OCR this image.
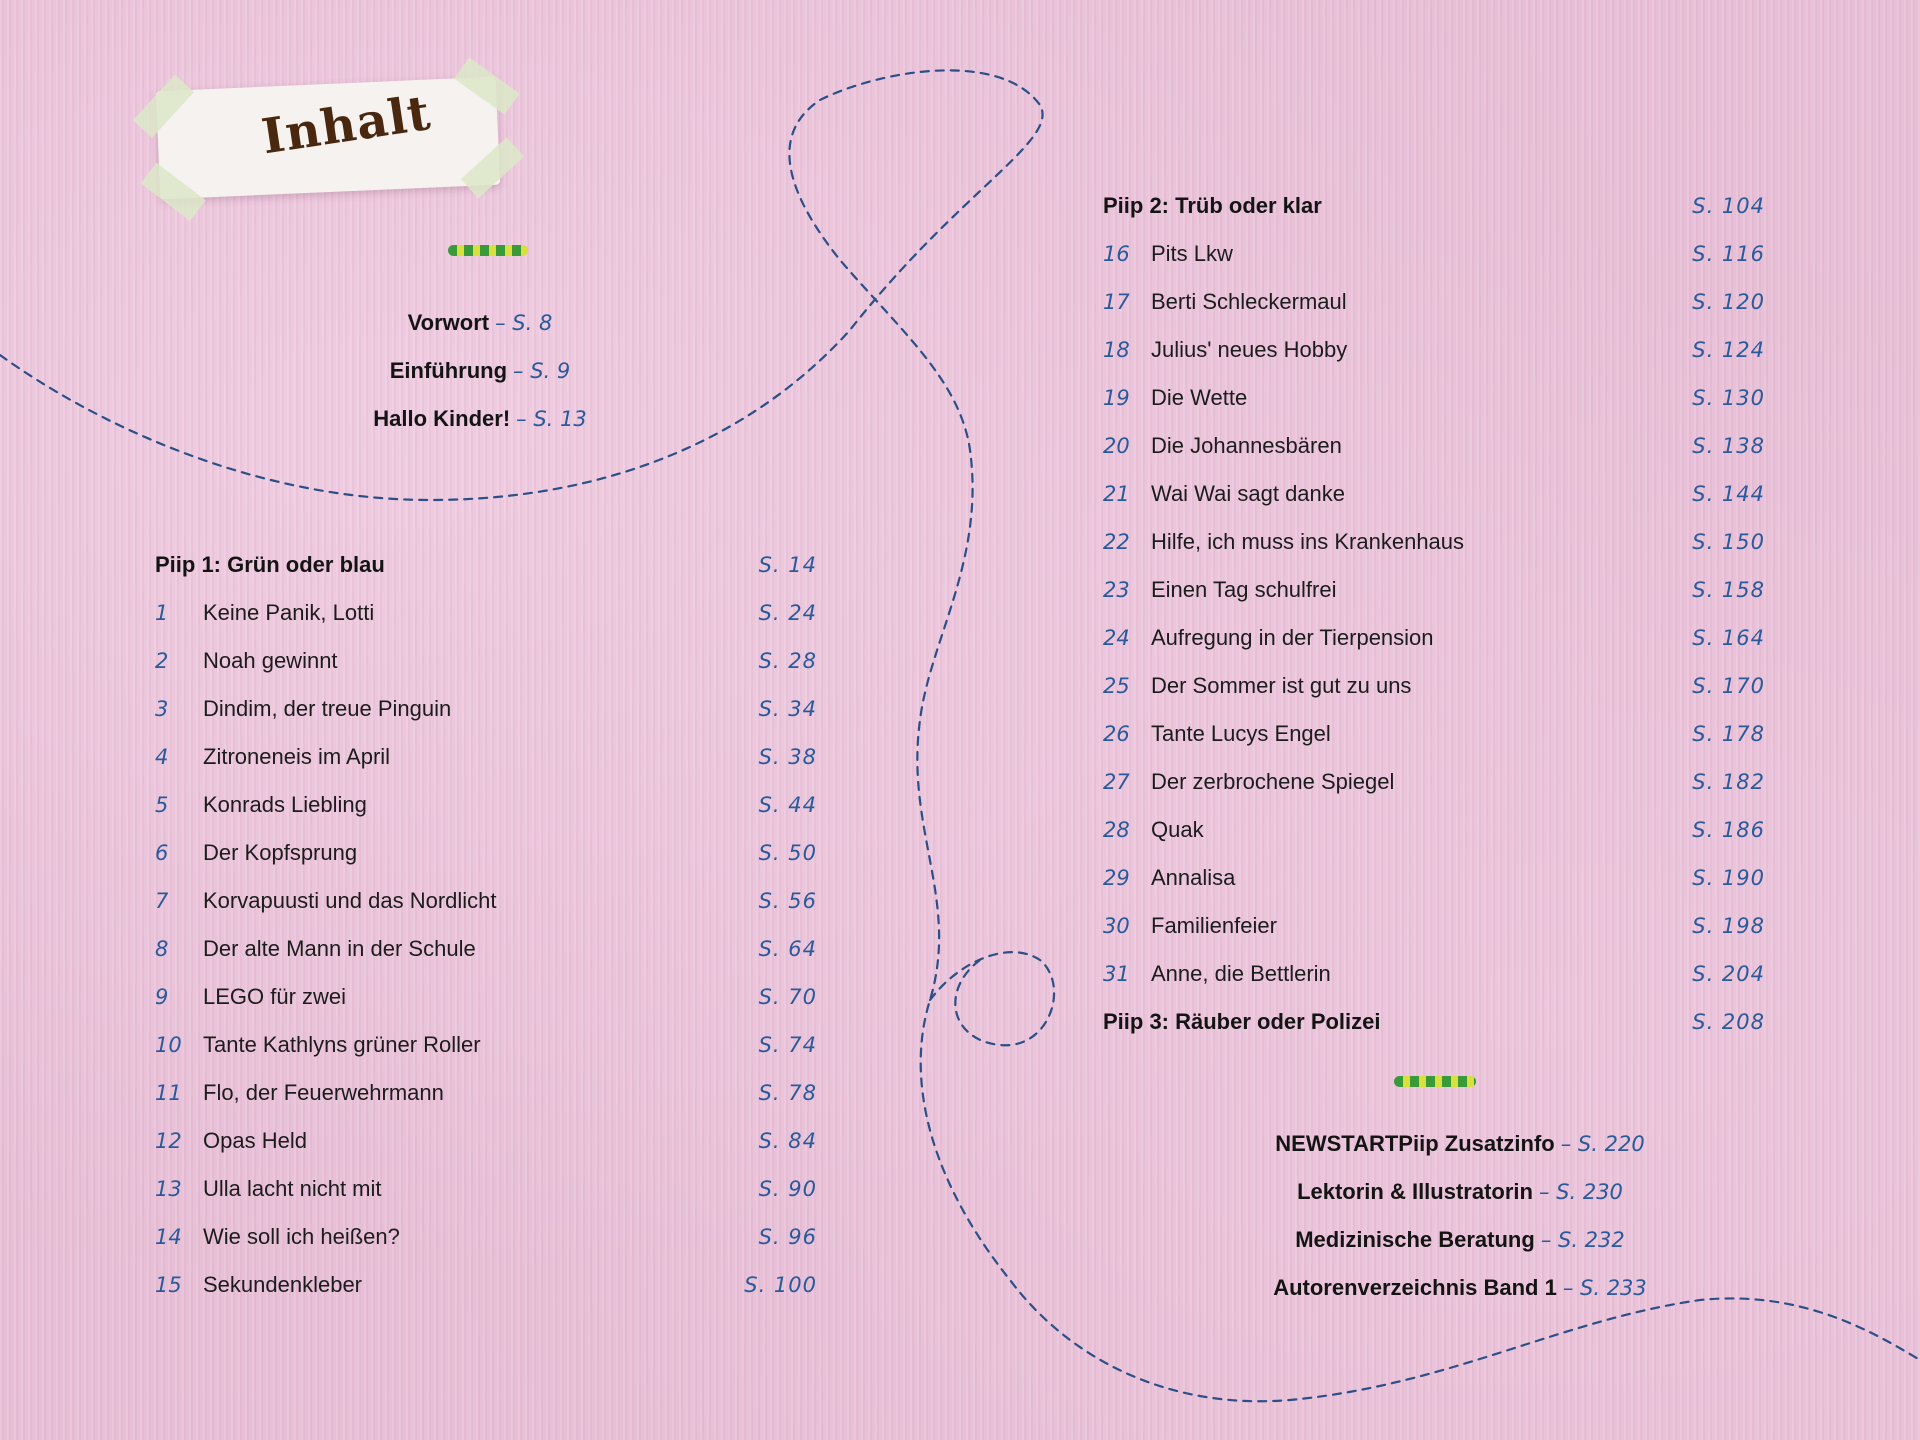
Inhalt
Vorwort – S. 8
Einführung – S. 9
Hallo Kinder! – S. 13
Piip 1: Grün oder blau	S. 14
1 Keine Panik, Lotti	S. 24
2 Noah gewinnt	S. 28
3 Dindim, der treue Pinguin	S. 34
4 Zitroneneis im April	S. 38
5 Konrads Liebling	S. 44
6 Der Kopfsprung	S. 50
7 Korvapuusti und das Nordlicht	S. 56
8 Der alte Mann in der Schule	S. 64
9 LEGO für zwei	S. 70
10 Tante Kathlyns grüner Roller	S. 74
11 Flo, der Feuerwehrmann	S. 78
12 Opas Held	S. 84
13 Ulla lacht nicht mit	S. 90
14 Wie soll ich heißen?	S. 96
15 Sekundenkleber	S. 100
Piip 2: Trüb oder klar	S. 104
16 Pits Lkw	S. 116
17 Berti Schleckermaul	S. 120
18 Julius' neues Hobby	S. 124
19 Die Wette	S. 130
20 Die Johannesbären	S. 138
21 Wai Wai sagt danke	S. 144
22 Hilfe, ich muss ins Krankenhaus	S. 150
23 Einen Tag schulfrei	S. 158
24 Aufregung in der Tierpension	S. 164
25 Der Sommer ist gut zu uns	S. 170
26 Tante Lucys Engel	S. 178
27 Der zerbrochene Spiegel	S. 182
28 Quak	S. 186
29 Annalisa	S. 190
30 Familienfeier	S. 198
31 Anne, die Bettlerin	S. 204
Piip 3: Räuber oder Polizei	S. 208
NEWSTARTPiip Zusatzinfo – S. 220
Lektorin & Illustratorin – S. 230
Medizinische Beratung – S. 232
Autorenverzeichnis Band 1 – S. 233
